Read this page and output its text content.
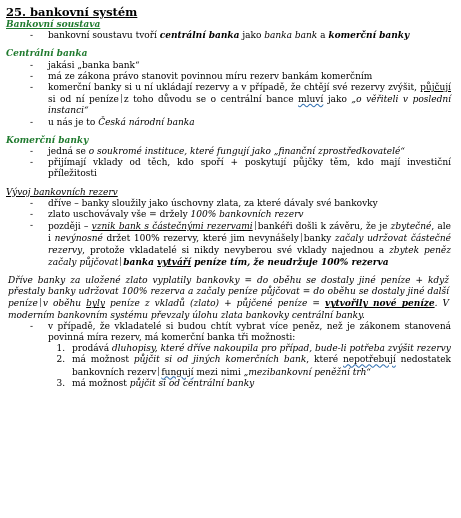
25. bankovní systém
Bankovní soustava
- bankovní soustavu tvoří centrální banka jako banka bank a komerční banky
Centrální banka
- jakási „banka bank“
- má ze zákona právo stanovit povinnou míru rezerv bankám komerčním
- komerční banky si u ní ukládají rezervy a v případě, že chtějí své rezervy zvýšit, půjčují si od ní peníze z toho důvodu se o centrální bance mluví jako „o věřiteli v poslední instanci“
- u nás je to Česká národní banka
Komerční banky
- jedná se o soukromé instituce, které fungují jako „finanční zprostředkovatelé“
- přijímají vklady od těch, kdo spoří + poskytují půjčky těm, kdo mají investiční příležitosti
Vývoj bankovních rezerv
- dříve – banky sloužily jako úschovny zlata, za které dávaly své bankovky
- zlato uschovávaly vše = držely 100% bankovních rezerv
- později – vznik bank s částečnými rezervami bankéři došli k závěru, že je zbytečné, ale i nevýnosné držet 100% rezervy, které jim nevynášely banky začaly udržovat částečné rezervy, protože vkladatelé si nikdy nevyberou své vklady najednou a zbytek peněz začaly půjčovat banka vytváří peníze tím, že neudržuje 100% rezerva
Dříve banky za uložené zlato vyplatily bankovky = do oběhu se dostaly jiné peníze + když přestaly banky udržovat 100% rezerva a začaly peníze půjčovat = do oběhu se dostaly jiné další peníze v oběhu byly peníze z vkladů (zlato) + půjčené peníze = vytvořily nové peníze. V moderním bankovním systému převzaly úlohu zlata bankovky centrální banky.
- v případě, že vkladatelé si budou chtít vybrat více peněz, než je zákonem stanovená povinná míra rezerv, má komerční banka tři možnosti:
1. prodává dluhopisy, které dříve nakoupila pro případ, bude-li potřeba zvýšit rezervy
2. má možnost půjčit si od jiných komerčních bank, které nepotřebují nedostatek bankovních rezerv fungují mezi nimi „mezibankovní peněžní trh“
3. má možnost půjčit si od centrální banky
